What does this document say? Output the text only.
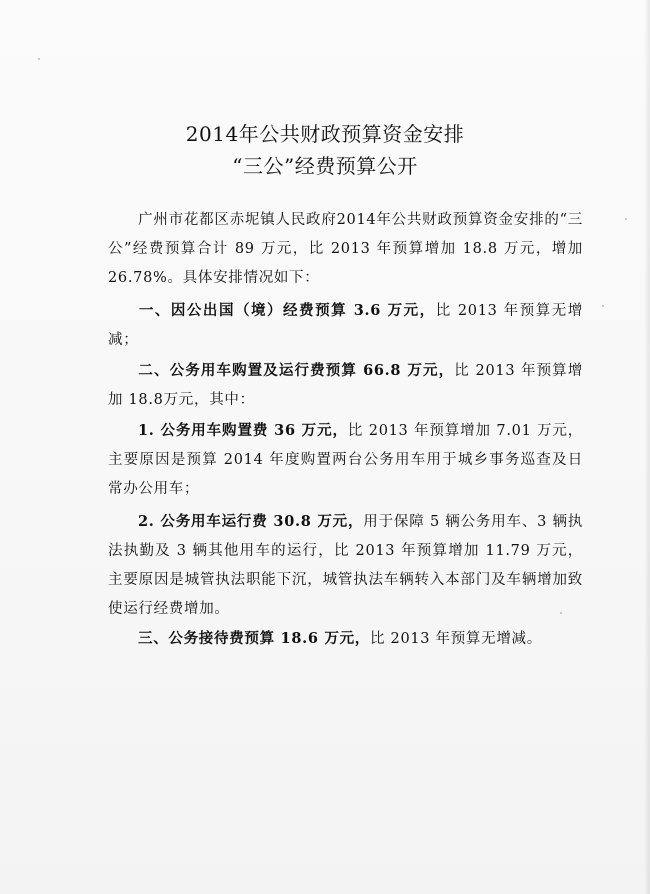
2014年公共财政预算资金安排
“三公”经费预算公开
广州市花都区赤坭镇人民政府2014年公共财政预算资金安排的“三公”经费预算合计 89 万元，比 2013 年预算增加 18.8 万元，增加 26.78%。具体安排情况如下：
一、因公出国（境）经费预算 3.6 万元，比 2013 年预算无增减；
二、公务用车购置及运行费预算 66.8 万元，比 2013 年预算增加 18.8万元，其中：
1. 公务用车购置费 36 万元，比 2013 年预算增加 7.01 万元，主要原因是预算 2014 年度购置两台公务用车用于城乡事务巡查及日常办公用车；
2. 公务用车运行费 30.8 万元，用于保障 5 辆公务用车、3 辆执法执勤及 3 辆其他用车的运行，比 2013 年预算增加 11.79 万元，主要原因是城管执法职能下沉，城管执法车辆转入本部门及车辆增加致使运行经费增加。
三、公务接待费预算 18.6 万元，比 2013 年预算无增减。
